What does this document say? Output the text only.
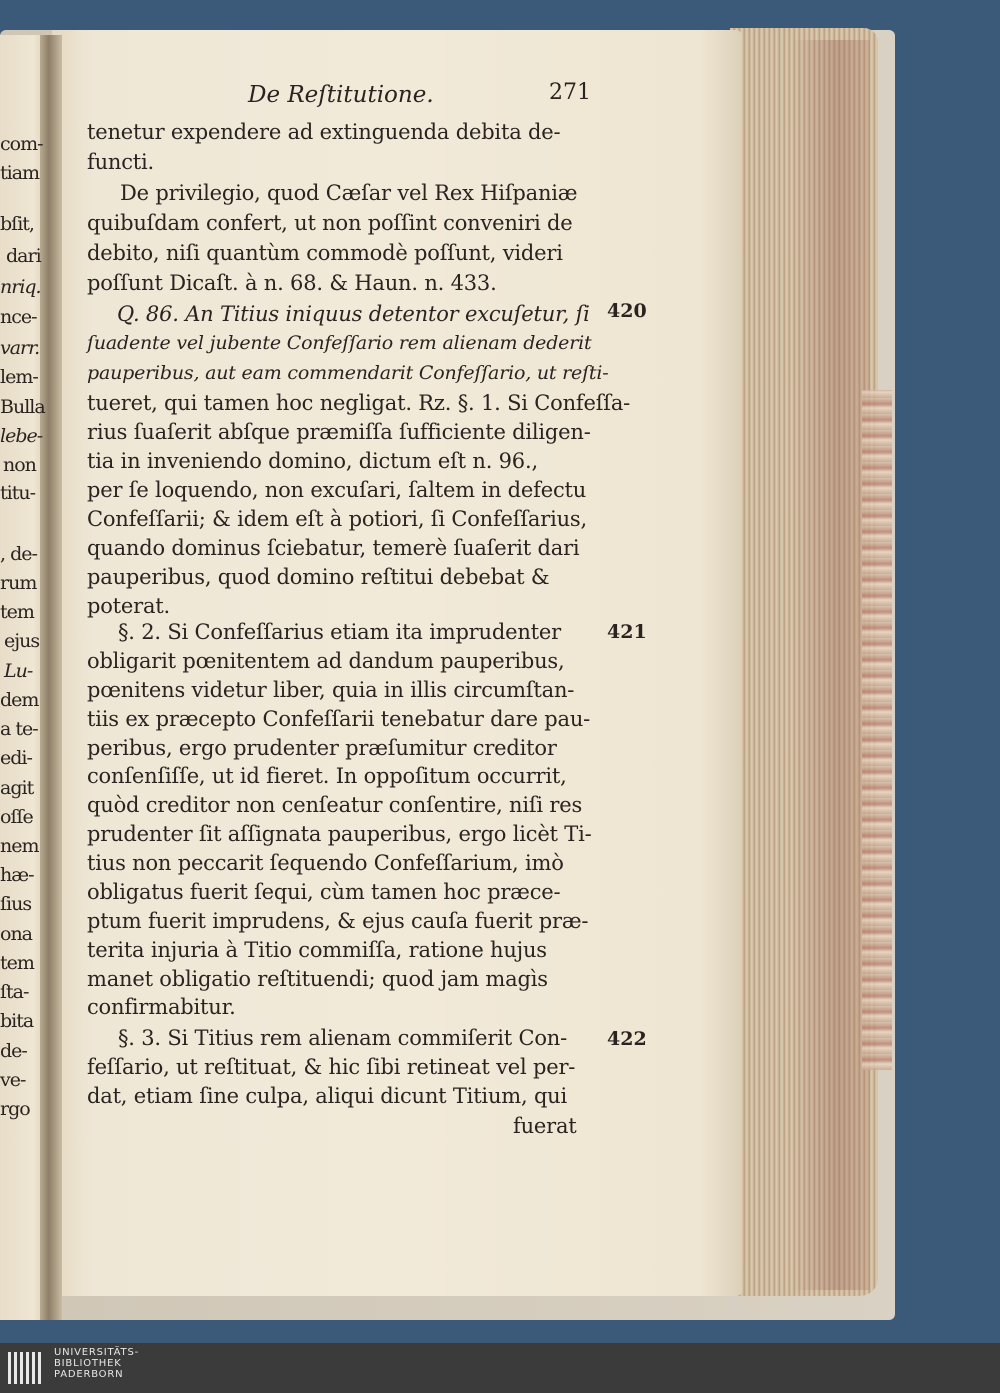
De Reſtitutione.	271
tenetur expendere ad extinguenda debita de-
functi.
De privilegio, quod Cæſar vel Rex Hiſpaniæ
quibuſdam confert, ut non poſſint conveniri de
debito, niſi quantùm commodè poſſunt, videri
poſſunt Dicaſt. à n. 68. & Haun. n. 433.
Q. 86. An Titius iniquus detentor excuſetur, ſi
ſuadente vel jubente Confeſſario rem alienam dederit
pauperibus, aut eam commendarit Confeſſario, ut reſti-
tueret, qui tamen hoc negligat. Rz. §. 1. Si Confeſſa-
rius ſuaſerit abſque præmiſſa ſufficiente diligen-
tia in inveniendo domino, dictum eſt n. 96.,
per ſe loquendo, non excuſari, ſaltem in defectu
Confeſſarii; & idem eſt à potiori, ſi Confeſſarius,
quando dominus ſciebatur, temerè ſuaſerit dari
pauperibus, quod domino reſtitui debebat &
poterat.
§. 2. Si Confeſſarius etiam ita imprudenter
obligarit pœnitentem ad dandum pauperibus,
pœnitens videtur liber, quia in illis circumſtan-
tiis ex præcepto Confeſſarii tenebatur dare pau-
peribus, ergo prudenter præſumitur creditor
conſenſiſſe, ut id fieret. In oppoſitum occurrit,
quòd creditor non cenſeatur conſentire, niſi res
prudenter ſit aſſignata pauperibus, ergo licèt Ti-
tius non peccarit ſequendo Confeſſarium, imò
obligatus fuerit ſequi, cùm tamen hoc præce-
ptum fuerit imprudens, & ejus cauſa fuerit præ-
terita injuria à Titio commiſſa, ratione hujus
manet obligatio reſtituendi; quod jam magìs
confirmabitur.
§. 3. Si Titius rem alienam commiſerit Con-
feſſario, ut reſtituat, & hic ſibi retineat vel per-
dat, etiam ſine culpa, aliqui dicunt Titium, qui
fuerat
420
421
422
com-
tiam
bſit,
dari
nriq.
nce-
varr.
lem-
Bulla
lebe-
non
titu-
, de-
rum
tem
ejus
Lu-
dem
a te-
edi-
agit
oſſe
nem
hæ-
ſius
ona
tem
ſta-
bita
de-
ve-
rgo
UNIVERSITÄTS-
BIBLIOTHEK
PADERBORN
